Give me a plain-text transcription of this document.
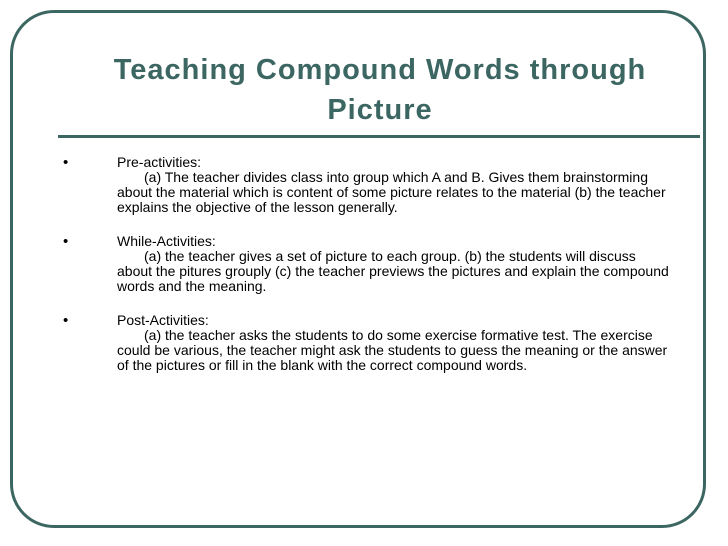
Teaching Compound Words through Picture
•	Pre-activities:
(a) The teacher divides class into group which A and B. Gives them brainstorming about the material which is content of some picture relates to the material (b) the teacher explains the objective of the lesson generally.
•	While-Activities:
(a) the teacher gives a set of picture to each group. (b) the students will discuss about the pitures grouply (c) the teacher previews the pictures and explain the compound words and the meaning.
•	Post-Activities:
(a) the teacher asks the students to do some exercise formative test. The exercise could be various, the teacher might ask the students to guess the meaning or the answer of the pictures or fill in the blank with the correct compound words.
